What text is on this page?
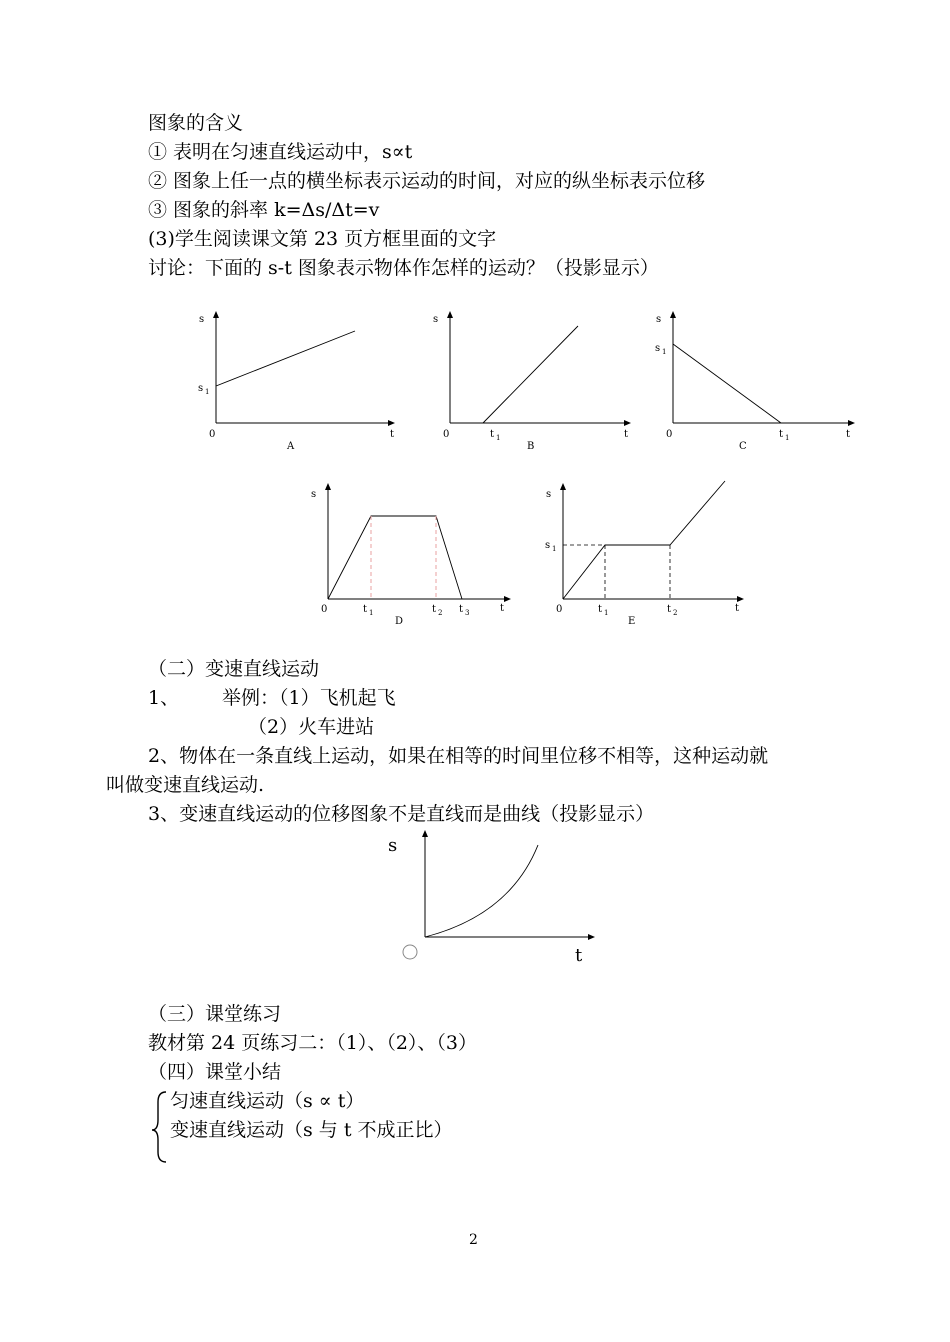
图象的含义
① 表明在匀速直线运动中，s∝t
② 图象上任一点的横坐标表示运动的时间，对应的纵坐标表示位移
③ 图象的斜率 k=Δs/Δt=v
(3)学生阅读课文第 23 页方框里面的文字
讨论：下面的 s-t 图象表示物体作怎样的运动？（投影显示）
s
s 1
0	t
A
s
0	t 1	t
B
s
s 1
0	t 1	t
C
s
0	t 1	t 2 t 3	t
D
s
s 1
0	t 1	t 2	t
E
s
t
（二）变速直线运动
1、 举例：（1）飞机起飞
（2）火车进站
2、物体在一条直线上运动，如果在相等的时间里位移不相等，这种运动就
叫做变速直线运动.
3、变速直线运动的位移图象不是直线而是曲线（投影显示）
（三）课堂练习
教材第 24 页练习二：（1）、（2）、（3）
（四）课堂小结
匀速直线运动（s ∝ t）
变速直线运动（s 与 t 不成正比）
2
